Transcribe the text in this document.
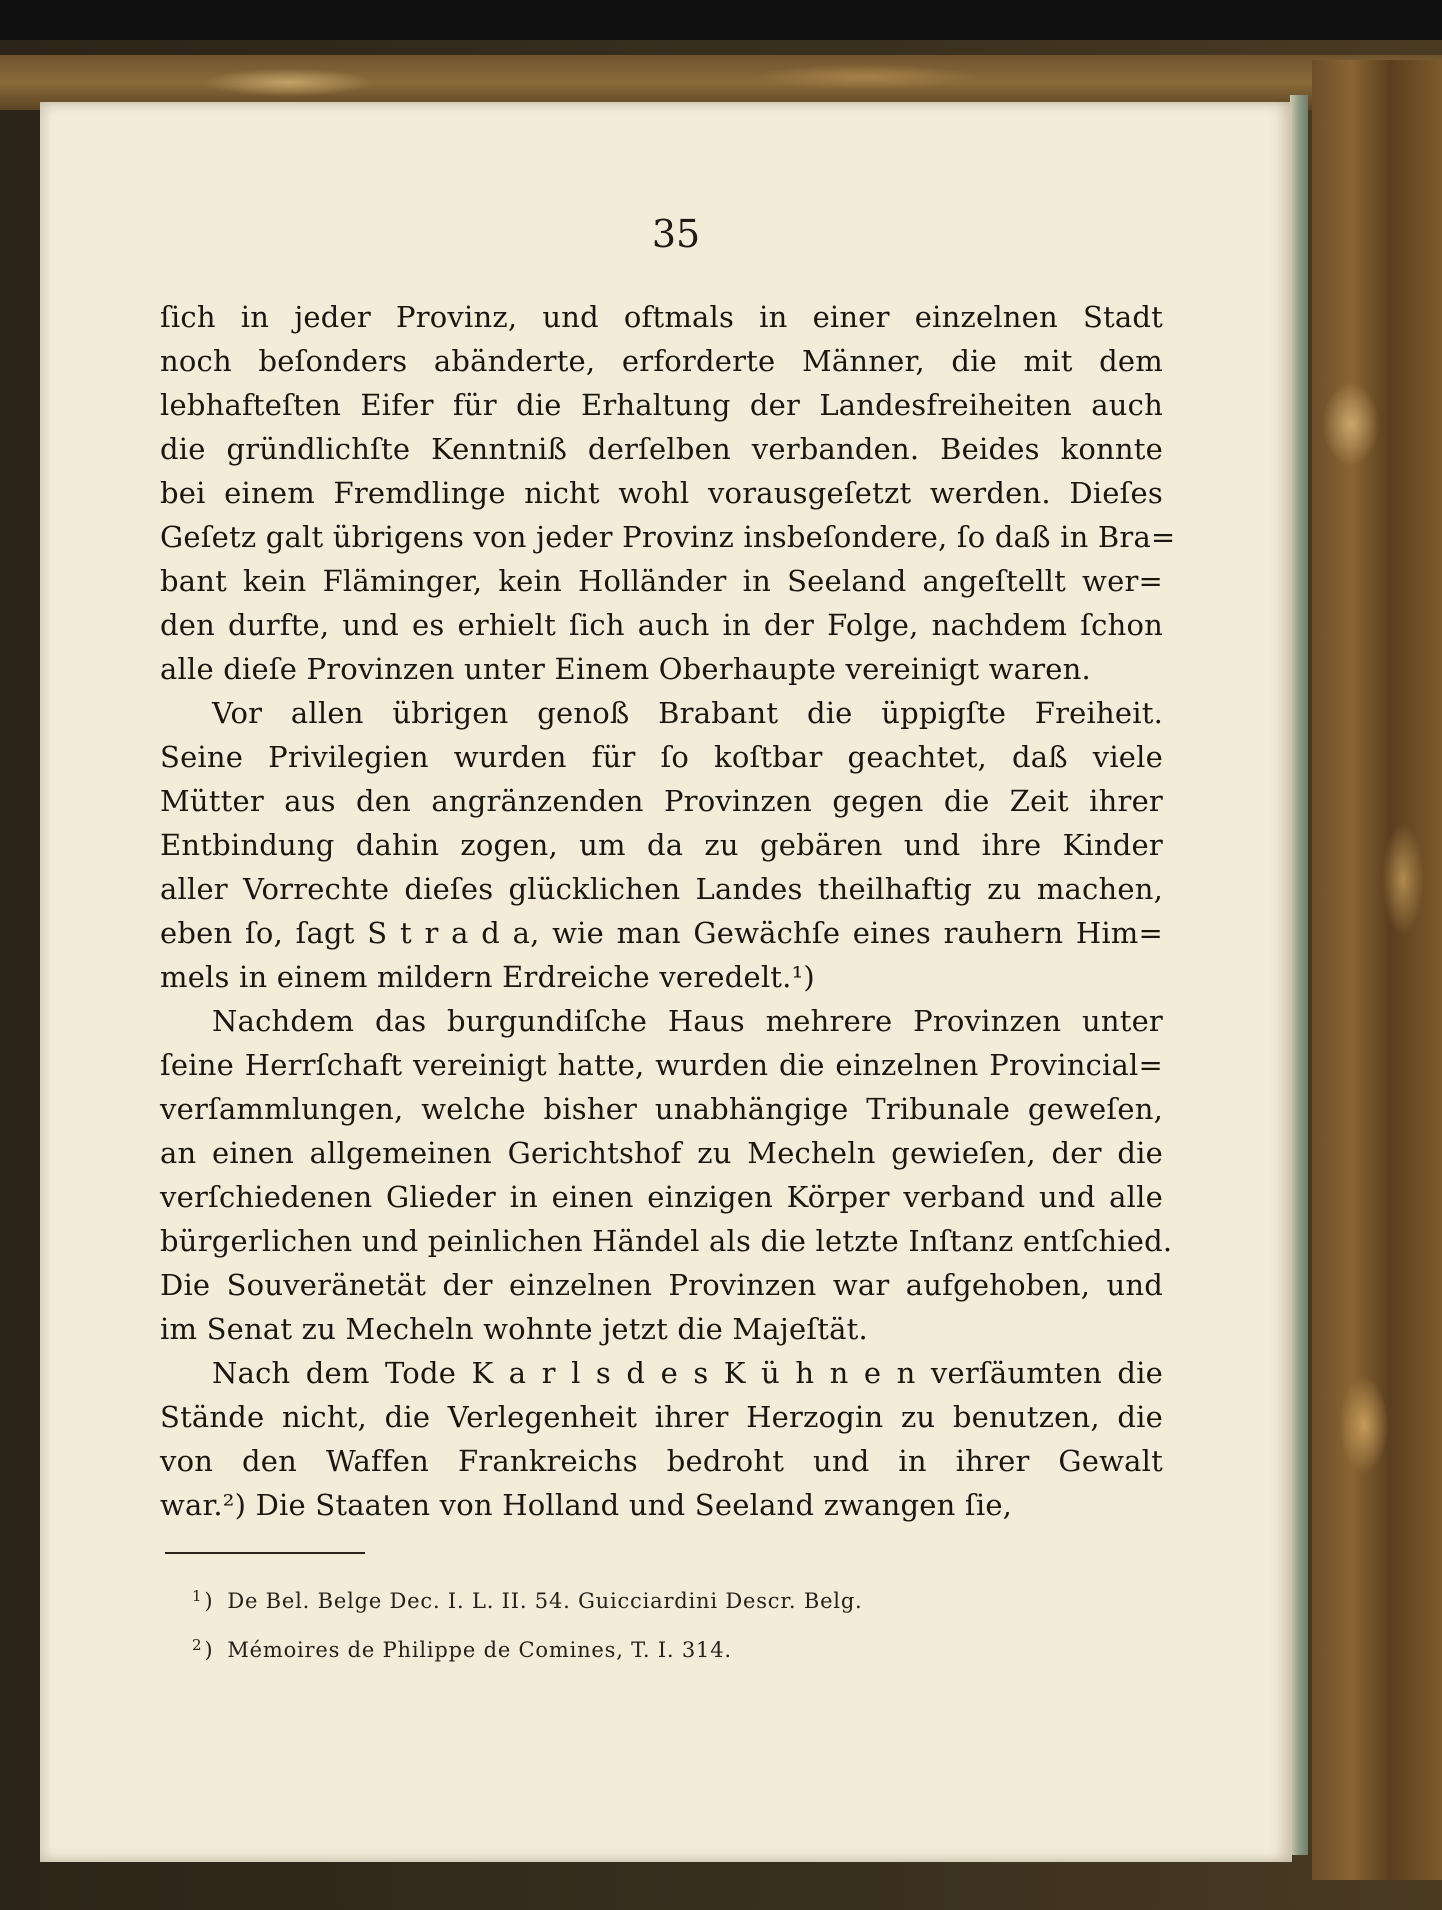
35
ſich in jeder Provinz, und oftmals in einer einzelnen Stadt
noch beſonders abänderte, erforderte Männer, die mit dem
lebhafteſten Eifer für die Erhaltung der Landesfreiheiten auch
die gründlichſte Kenntniß derſelben verbanden. Beides konnte
bei einem Fremdlinge nicht wohl vorausgeſetzt werden. Dieſes
Geſetz galt übrigens von jeder Provinz insbeſondere, ſo daß in Bra=
bant kein Fläminger, kein Holländer in Seeland angeſtellt wer=
den durfte, und es erhielt ſich auch in der Folge, nachdem ſchon
alle dieſe Provinzen unter Einem Oberhaupte vereinigt waren.
Vor allen übrigen genoß Brabant die üppigſte Freiheit.
Seine Privilegien wurden für ſo koſtbar geachtet, daß viele
Mütter aus den angränzenden Provinzen gegen die Zeit ihrer
Entbindung dahin zogen, um da zu gebären und ihre Kinder
aller Vorrechte dieſes glücklichen Landes theilhaftig zu machen,
eben ſo, ſagt S t r a d a, wie man Gewächſe eines rauhern Him=
mels in einem mildern Erdreiche veredelt.¹)
Nachdem das burgundiſche Haus mehrere Provinzen unter
ſeine Herrſchaft vereinigt hatte, wurden die einzelnen Provincial=
verſammlungen, welche bisher unabhängige Tribunale geweſen,
an einen allgemeinen Gerichtshof zu Mecheln gewieſen, der die
verſchiedenen Glieder in einen einzigen Körper verband und alle
bürgerlichen und peinlichen Händel als die letzte Inſtanz entſchied.
Die Souveränetät der einzelnen Provinzen war aufgehoben, und
im Senat zu Mecheln wohnte jetzt die Majeſtät.
Nach dem Tode K a r l s d e s K ü h n e n verſäumten die
Stände nicht, die Verlegenheit ihrer Herzogin zu benutzen, die
von den Waffen Frankreichs bedroht und in ihrer Gewalt
war.²) Die Staaten von Holland und Seeland zwangen ſie,
$^1$) De Bel. Belge Dec. I. L. II. 54. Guicciardini Descr. Belg.
$^2$) Mémoires de Philippe de Comines, T. I. 314.
